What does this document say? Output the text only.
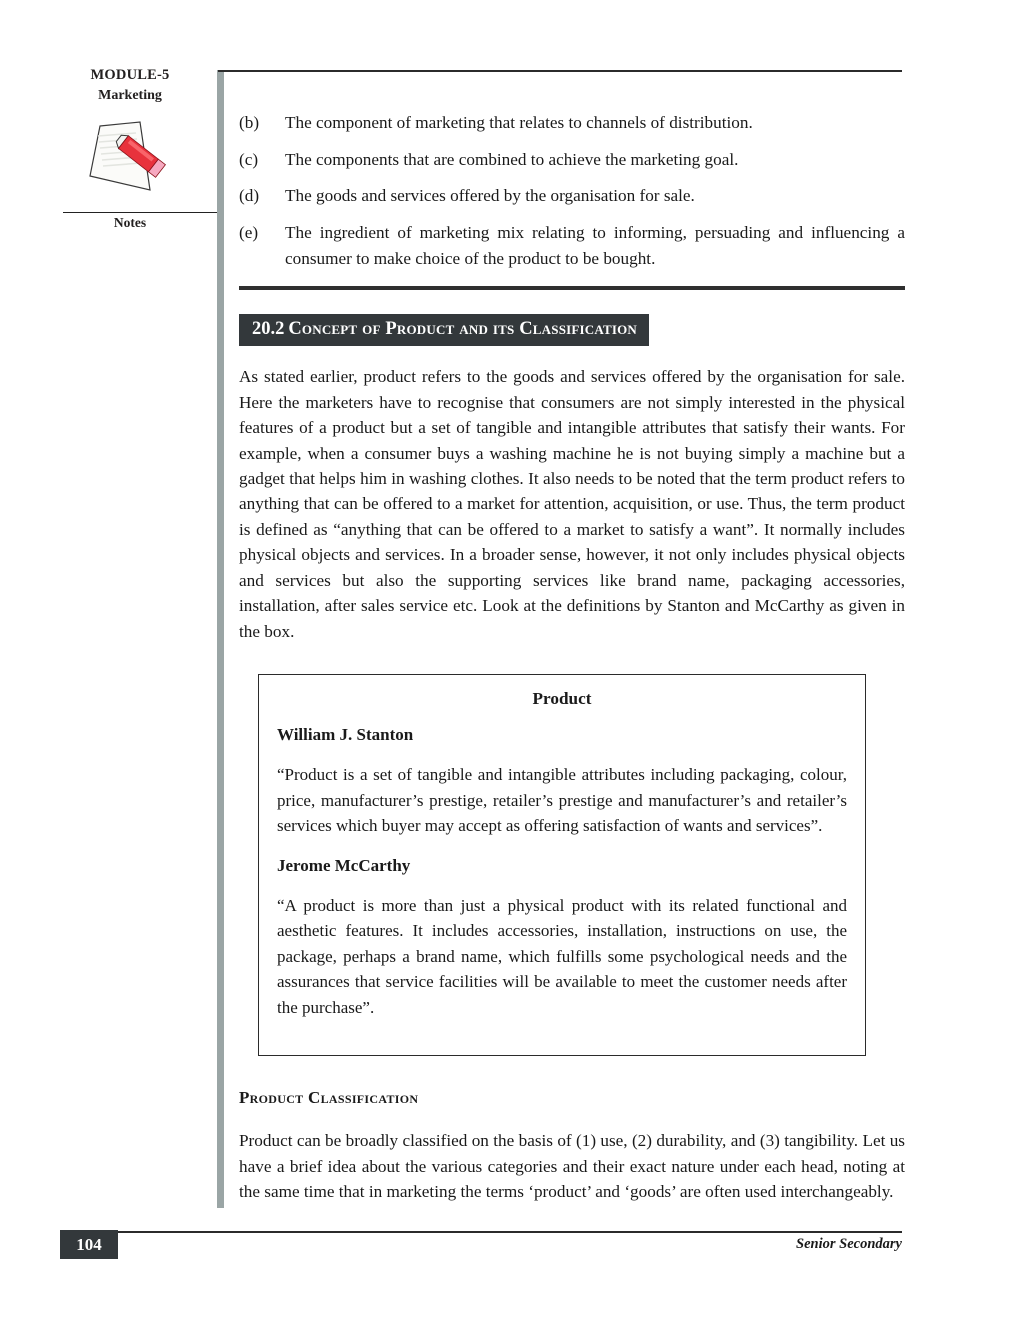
MODULE-5
Marketing
Notes
(b)	The component of marketing that relates to channels of distribution.
(c)	The components that are combined to achieve the marketing goal.
(d)	The goods and services offered by the organisation for sale.
(e)	The ingredient of marketing mix relating to informing, persuading and influencing a consumer to make choice of the product to be bought.
20.2 Concept of Product and its Classification

As stated earlier, product refers to the goods and services offered by the organisation for sale. Here the marketers have to recognise that consumers are not simply interested in the physical features of a product but a set of tangible and intangible attributes that satisfy their wants. For example, when a consumer buys a washing machine he is not buying simply a machine but a gadget that helps him in washing clothes. It also needs to be noted that the term product refers to anything that can be offered to a market for attention, acquisition, or use. Thus, the term product is defined as “anything that can be offered to a market to satisfy a want”. It normally includes physical objects and services. In a broader sense, however, it not only includes physical objects and services but also the supporting services like brand name, packaging accessories, installation, after sales service etc. Look at the definitions by Stanton and McCarthy as given in the box.

Product
William J. Stanton

“Product is a set of tangible and intangible attributes including packaging, colour, price, manufacturer’s prestige, retailer’s prestige and manufacturer’s and retailer’s services which buyer may accept as offering satisfaction of wants and services”.

Jerome McCarthy

“A product is more than just a physical product with its related functional and aesthetic features. It includes accessories, installation, instructions on use, the package, perhaps a brand name, which fulfills some psychological needs and the assurances that service facilities will be available to meet the customer needs after the purchase”.

Product Classification

Product can be broadly classified on the basis of (1) use, (2) durability, and (3) tangibility. Let us have a brief idea about the various categories and their exact nature under each head, noting at the same time that in marketing the terms ‘product’ and ‘goods’ are often used interchangeably.

104	Senior Secondary
